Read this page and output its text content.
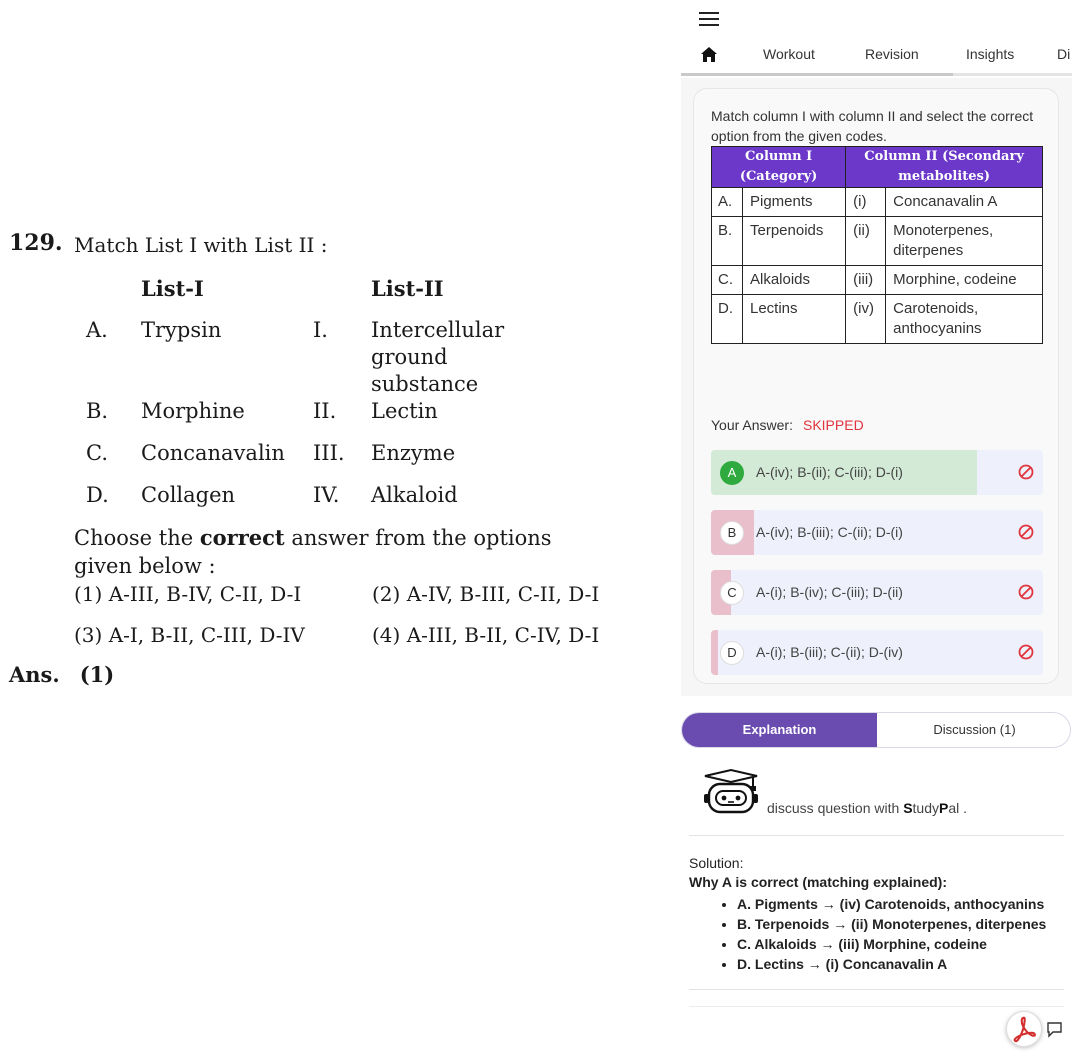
129. Match List I with List II :
List-I	List-II
A. Trypsin	I. Intercellular ground substance
B. Morphine	II. Lectin
C. Concanavalin III. Enzyme
D. Collagen	IV. Alkaloid
Choose the correct answer from the options given below :
(1) A-III, B-IV, C-II, D-I	(2) A-IV, B-III, C-II, D-I
(3) A-I, B-II, C-III, D-IV	(4) A-III, B-II, C-IV, D-I
Ans. (1)
Workout	Revision	Insights	Di
Match column I with column II and select the correct option from the given codes.
Column I (Category)		Column II (Secondary metabolites)	
A.	Pigments	(i)	Concanavalin A
B.	Terpenoids	(ii)	Monoterpenes, diterpenes
C.	Alkaloids	(iii)	Morphine, codeine
D.	Lectins	(iv)	Carotenoids, anthocyanins
Your Answer: SKIPPED
A	A-(iv); B-(ii); C-(iii); D-(i)
B	A-(iv); B-(iii); C-(ii); D-(i)
C	A-(i); B-(iv); C-(iii); D-(ii)
D	A-(i); B-(iii); C-(ii); D-(iv)
Explanation	Discussion (1)
discuss question with StudyPal .
Solution:
Why A is correct (matching explained):
• A. Pigments → (iv) Carotenoids, anthocyanins
• B. Terpenoids → (ii) Monoterpenes, diterpenes
• C. Alkaloids → (iii) Morphine, codeine
• D. Lectins → (i) Concanavalin A
